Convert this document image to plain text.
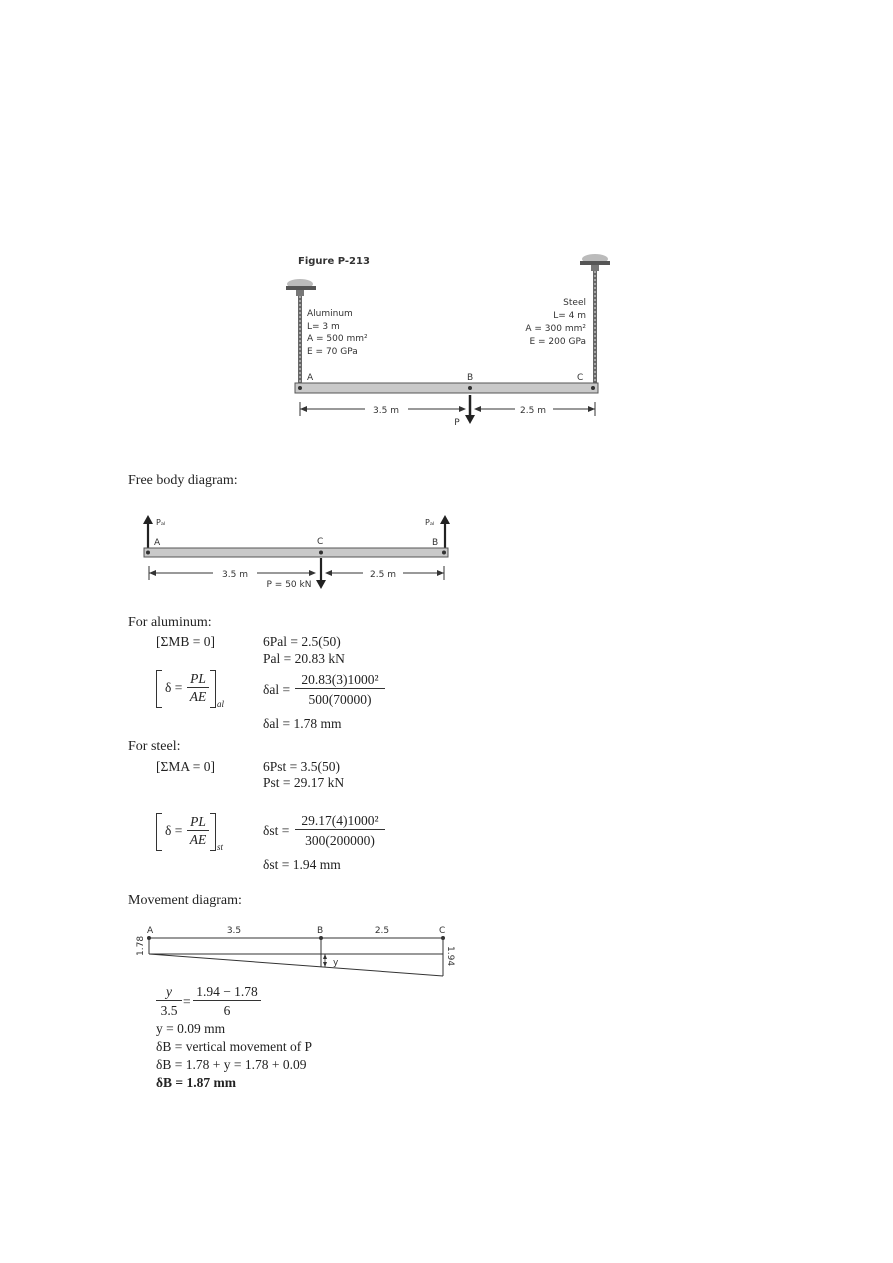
Figure P-213
Aluminum
L= 3 m
A = 500 mm²
E = 70 GPa
Steel
L= 4 m
A = 300 mm²
E = 200 GPa
A	B	C
3.5 m	2.5 m
P
Free body diagram:
Pₐₗ	Pₐₗ
A	C	B
3.5 m	2.5 m
P = 50 kN
For aluminum:
[ΣMB = 0]	6Pal = 2.5(50)
Pal = 20.83 kN
δ =
PL
AE	al
δal =
20.83(3)1000²
500(70000)
δal = 1.78 mm
For steel:
[ΣMA = 0]	6Pst = 3.5(50)
Pst = 29.17 kN
δ =
PL
AE	st
δst =
29.17(4)1000²
300(200000)
δst = 1.94 mm
Movement diagram:
A	B	C
3.5	2.5
y
1.78
1.94
y
3.5
=
1.94 − 1.78
6
y = 0.09 mm
δB = vertical movement of P
δB = 1.78 + y = 1.78 + 0.09
δB = 1.87 mm
